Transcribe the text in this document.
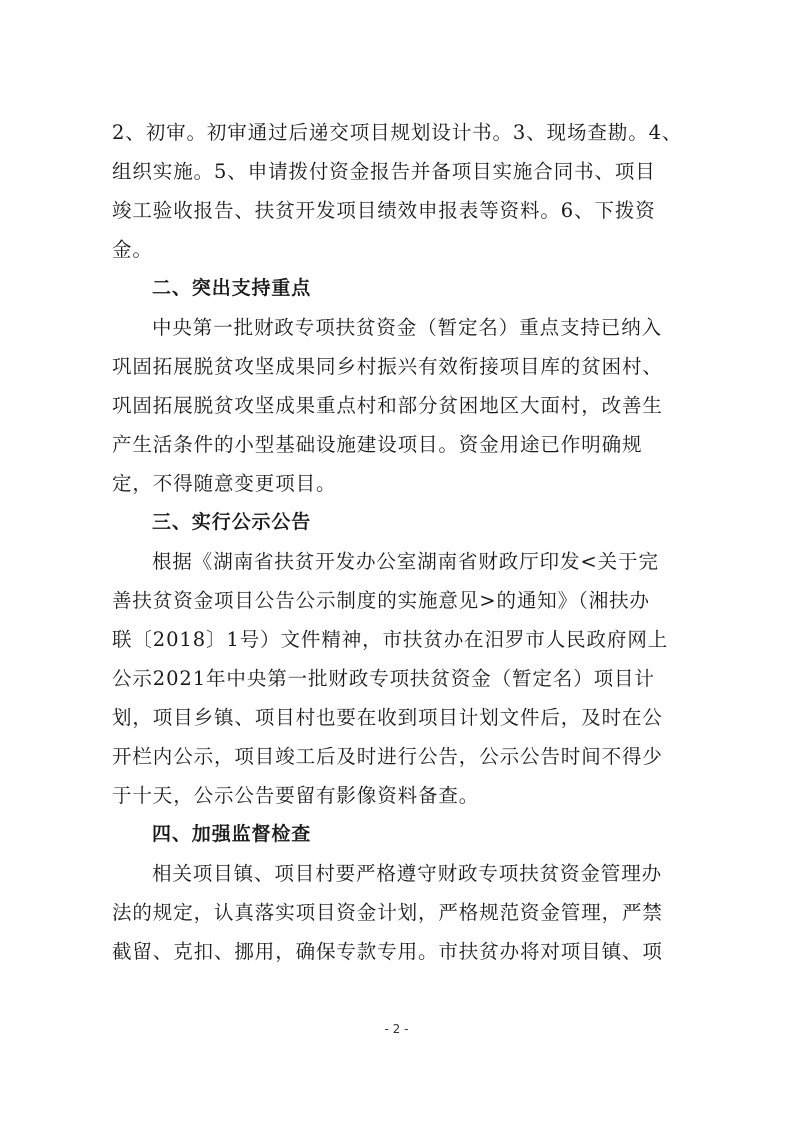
2、初审。初审通过后递交项目规划设计书。3、现场查勘。4、
组织实施。5、申请拨付资金报告并备项目实施合同书、项目
竣工验收报告、扶贫开发项目绩效申报表等资料。6、下拨资
金。
二、突出支持重点
中央第一批财政专项扶贫资金（暂定名）重点支持已纳入
巩固拓展脱贫攻坚成果同乡村振兴有效衔接项目库的贫困村、
巩固拓展脱贫攻坚成果重点村和部分贫困地区大面村，改善生
产生活条件的小型基础设施建设项目。资金用途已作明确规
定，不得随意变更项目。
三、实行公示公告
根据《湖南省扶贫开发办公室湖南省财政厅印发<关于完
善扶贫资金项目公告公示制度的实施意见>的通知》（湘扶办
联〔2018〕1号）文件精神，市扶贫办在汨罗市人民政府网上
公示2021年中央第一批财政专项扶贫资金（暂定名）项目计
划，项目乡镇、项目村也要在收到项目计划文件后，及时在公
开栏内公示，项目竣工后及时进行公告，公示公告时间不得少
于十天，公示公告要留有影像资料备查。
四、加强监督检查
相关项目镇、项目村要严格遵守财政专项扶贫资金管理办
法的规定，认真落实项目资金计划，严格规范资金管理，严禁
截留、克扣、挪用，确保专款专用。市扶贫办将对项目镇、项
- 2 -
